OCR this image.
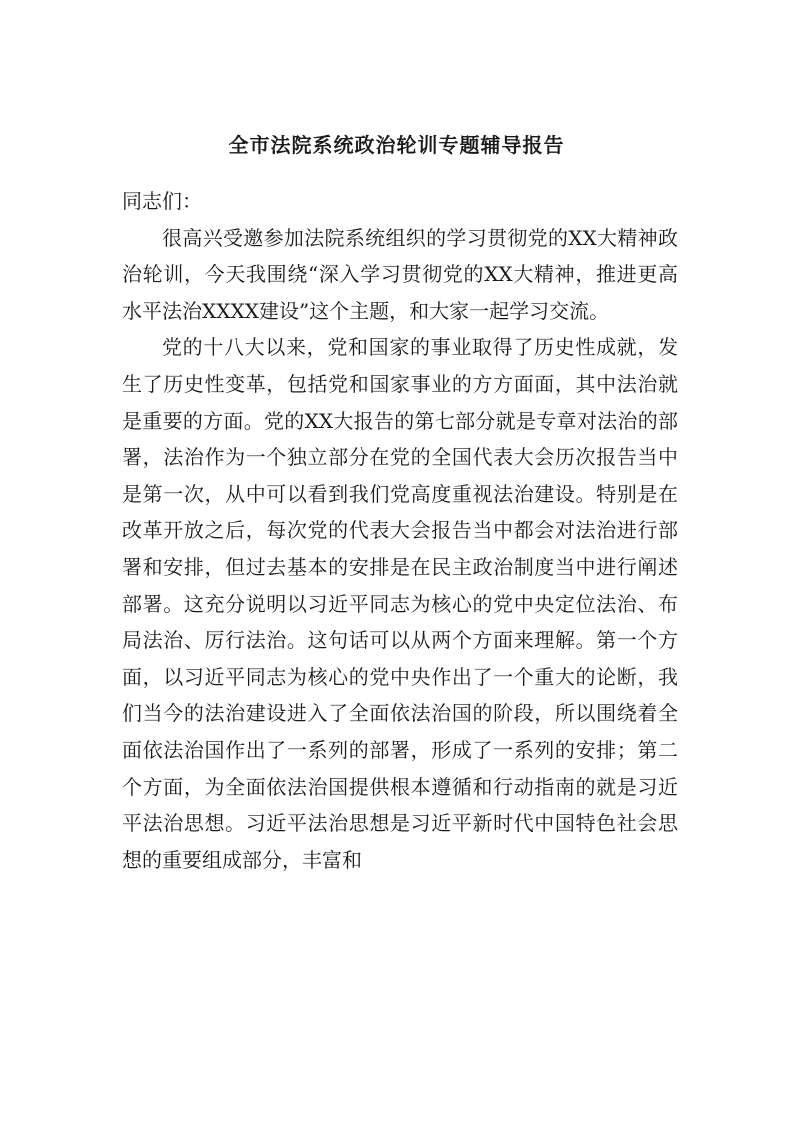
全市法院系统政治轮训专题辅导报告

同志们：

很高兴受邀参加法院系统组织的学习贯彻党的XX大精神政治轮训，今天我围绕“深入学习贯彻党的XX大精神，推进更高水平法治XXXX建设”这个主题，和大家一起学习交流。

党的十八大以来，党和国家的事业取得了历史性成就，发生了历史性变革，包括党和国家事业的方方面面，其中法治就是重要的方面。党的XX大报告的第七部分就是专章对法治的部署，法治作为一个独立部分在党的全国代表大会历次报告当中是第一次，从中可以看到我们党高度重视法治建设。特别是在改革开放之后，每次党的代表大会报告当中都会对法治进行部署和安排，但过去基本的安排是在民主政治制度当中进行阐述部署。这充分说明以习近平同志为核心的党中央定位法治、布局法治、厉行法治。这句话可以从两个方面来理解。第一个方面，以习近平同志为核心的党中央作出了一个重大的论断，我们当今的法治建设进入了全面依法治国的阶段，所以围绕着全面依法治国作出了一系列的部署，形成了一系列的安排；第二个方面，为全面依法治国提供根本遵循和行动指南的就是习近平法治思想。习近平法治思想是习近平新时代中国特色社会思想的重要组成部分，丰富和
